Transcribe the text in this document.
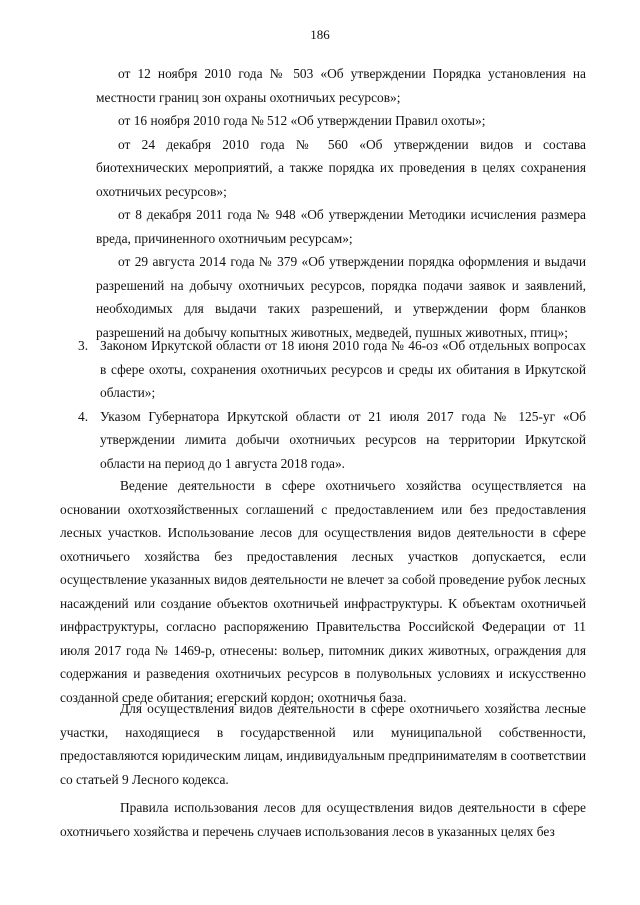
186
от 12 ноября 2010 года № 503 «Об утверждении Порядка установления на местности границ зон охраны охотничьих ресурсов»;
от 16 ноября 2010 года № 512 «Об утверждении Правил охоты»;
от 24 декабря 2010 года № 560 «Об утверждении видов и состава биотехнических мероприятий, а также порядка их проведения в целях сохранения охотничьих ресурсов»;
от 8 декабря 2011 года № 948 «Об утверждении Методики исчисления размера вреда, причиненного охотничьим ресурсам»;
от 29 августа 2014 года № 379 «Об утверждении порядка оформления и выдачи разрешений на добычу охотничьих ресурсов, порядка подачи заявок и заявлений, необходимых для выдачи таких разрешений, и утверждении форм бланков разрешений на добычу копытных животных, медведей, пушных животных, птиц»;
3. Законом Иркутской области от 18 июня 2010 года № 46-оз «Об отдельных вопросах в сфере охоты, сохранения охотничьих ресурсов и среды их обитания в Иркутской области»;
4. Указом Губернатора Иркутской области от 21 июля 2017 года № 125-уг «Об утверждении лимита добычи охотничьих ресурсов на территории Иркутской области на период до 1 августа 2018 года».
Ведение деятельности в сфере охотничьего хозяйства осуществляется на основании охотхозяйственных соглашений с предоставлением или без предоставления лесных участков. Использование лесов для осуществления видов деятельности в сфере охотничьего хозяйства без предоставления лесных участков допускается, если осуществление указанных видов деятельности не влечет за собой проведение рубок лесных насаждений или создание объектов охотничьей инфраструктуры. К объектам охотничьей инфраструктуры, согласно распоряжению Правительства Российской Федерации от 11 июля 2017 года № 1469-р, отнесены: вольер, питомник диких животных, ограждения для содержания и разведения охотничьих ресурсов в полувольных условиях и искусственно созданной среде обитания; егерский кордон; охотничья база.
Для осуществления видов деятельности в сфере охотничьего хозяйства лесные участки, находящиеся в государственной или муниципальной собственности, предоставляются юридическим лицам, индивидуальным предпринимателям в соответствии со статьей 9 Лесного кодекса.
Правила использования лесов для осуществления видов деятельности в сфере охотничьего хозяйства и перечень случаев использования лесов в указанных целях без
